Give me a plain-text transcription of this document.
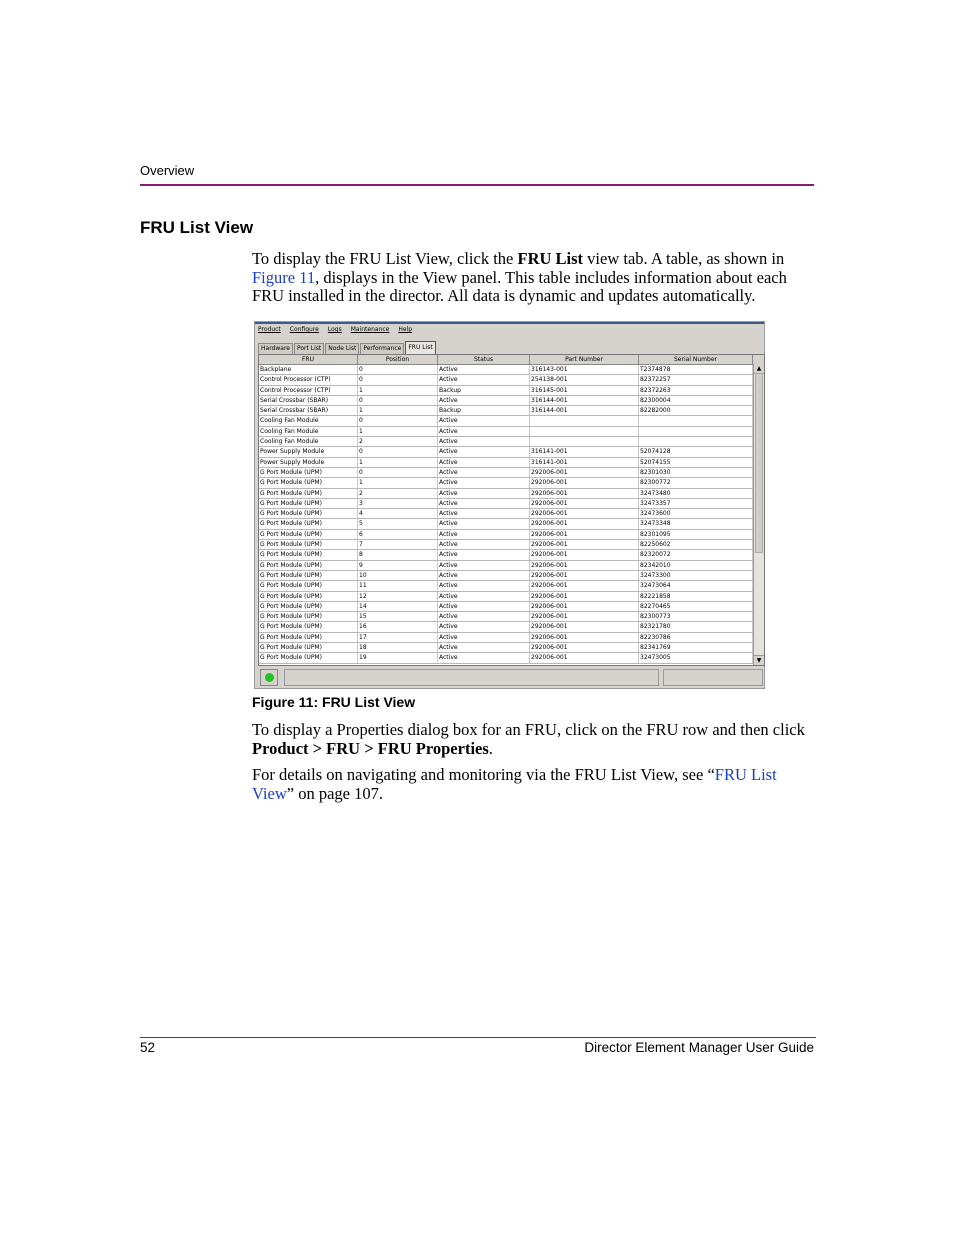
Overview
FRU List View
To display the FRU List View, click the FRU List view tab. A table, as shown in Figure 11, displays in the View panel. This table includes information about each FRU installed in the director. All data is dynamic and updates automatically.
Product Configure Logs Maintenance Help
Hardware	Port List	Node List	Performance	FRU List
FRU	Position	Status	Part Number	Serial Number
Backplane	0	Active	316143-001	T2374878
Control Processor (CTP)	0	Active	254138-001	82372257
Control Processor (CTP)	1	Backup	316145-001	82372263
Serial Crossbar (SBAR)	0	Active	316144-001	82300004
Serial Crossbar (SBAR)	1	Backup	316144-001	82282000
Cooling Fan Module	0	Active
Cooling Fan Module	1	Active
Cooling Fan Module	2	Active
Power Supply Module	0	Active	316141-001	52074128
Power Supply Module	1	Active	316141-001	52074155
G Port Module (UPM)	0	Active	292006-001	82301030
G Port Module (UPM)	1	Active	292006-001	82300772
G Port Module (UPM)	2	Active	292006-001	32473480
G Port Module (UPM)	3	Active	292006-001	32473357
G Port Module (UPM)	4	Active	292006-001	32473600
G Port Module (UPM)	5	Active	292006-001	32473348
G Port Module (UPM)	6	Active	292006-001	82301095
G Port Module (UPM)	7	Active	292006-001	82250602
G Port Module (UPM)	8	Active	292006-001	82320072
G Port Module (UPM)	9	Active	292006-001	82342010
G Port Module (UPM)	10	Active	292006-001	32473300
G Port Module (UPM)	11	Active	292006-001	32473064
G Port Module (UPM)	12	Active	292006-001	82221858
G Port Module (UPM)	14	Active	292006-001	82270465
G Port Module (UPM)	15	Active	292006-001	82300773
G Port Module (UPM)	16	Active	292006-001	82321780
G Port Module (UPM)	17	Active	292006-001	82230786
G Port Module (UPM)	18	Active	292006-001	82341769
G Port Module (UPM)	19	Active	292006-001	32473005
▲
▼
Figure 11: FRU List View
To display a Properties dialog box for an FRU, click on the FRU row and then click Product > FRU > FRU Properties.
For details on navigating and monitoring via the FRU List View, see “FRU List View” on page 107.
52	Director Element Manager User Guide
